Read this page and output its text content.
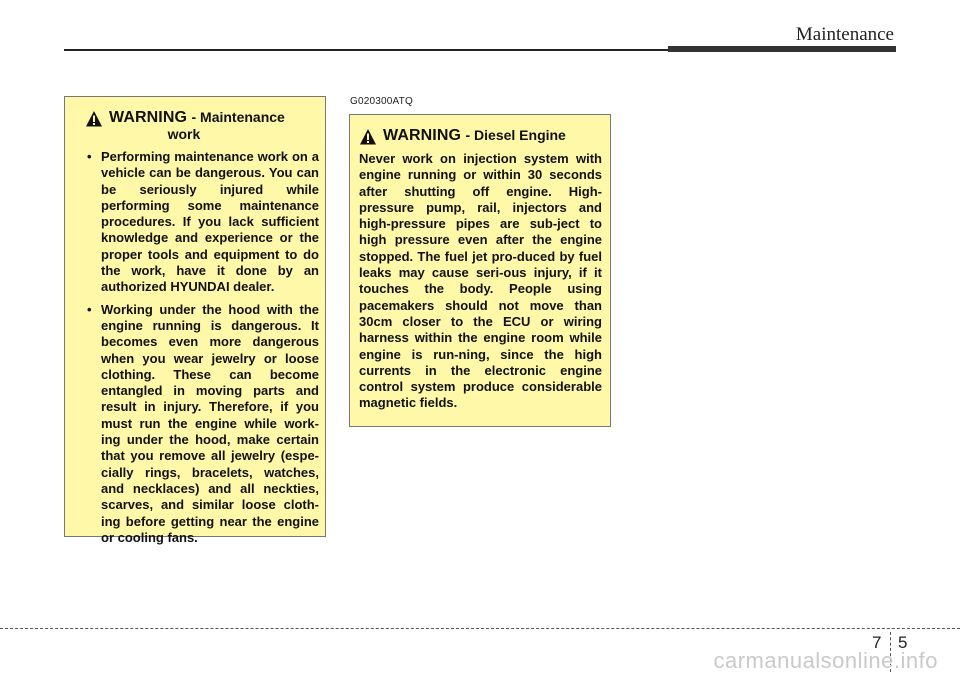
Maintenance
G020300ATQ
WARNING - Maintenance
work
• Performing maintenance work on a vehicle can be dangerous. You can be seriously injured while performing some maintenance procedures. If you lack sufficient knowledge and experience or the proper tools and equipment to do the work, have it done by an authorized HYUNDAI dealer.
• Working under the hood with the engine running is dangerous. It becomes even more dangerous when you wear jewelry or loose clothing. These can become entangled in moving parts and result in injury. Therefore, if you must run the engine while work-ing under the hood, make certain that you remove all jewelry (espe-cially rings, bracelets, watches, and necklaces) and all neckties, scarves, and similar loose cloth-ing before getting near the engine or cooling fans.
WARNING - Diesel Engine
Never work on injection system with engine running or within 30 seconds after shutting off engine. High-pressure pump, rail, injectors and high-pressure pipes are sub-ject to high pressure even after the engine stopped. The fuel jet pro-duced by fuel leaks may cause seri-ous injury, if it touches the body. People using pacemakers should not move than 30cm closer to the ECU or wiring harness within the engine room while engine is run-ning, since the high currents in the electronic engine control system produce considerable magnetic fields.
7 5
carmanualsonline.info
